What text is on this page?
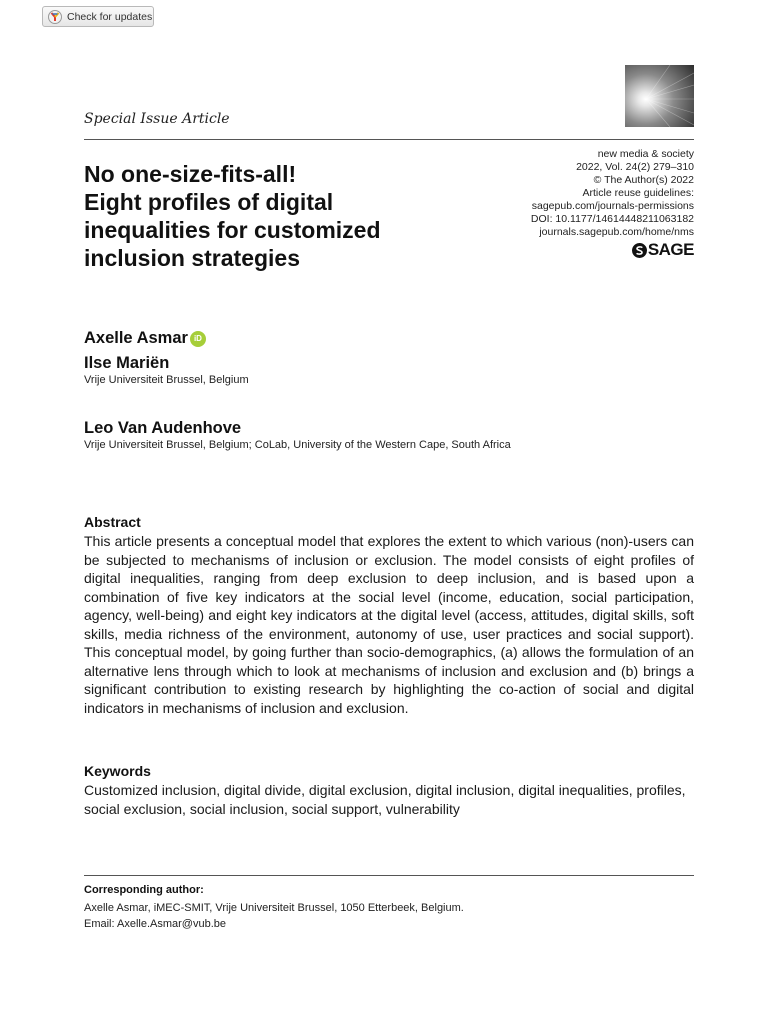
Check for updates
Special Issue Article
No one-size-fits-all!
Eight profiles of digital
inequalities for customized
inclusion strategies
new media & society
2022, Vol. 24(2) 279–310
© The Author(s) 2022
Article reuse guidelines:
sagepub.com/journals-permissions
DOI: 10.1177/14614448211063182
journals.sagepub.com/home/nms
SAGE
Axelle Asmar iD
Ilse Mariën
Vrije Universiteit Brussel, Belgium
Leo Van Audenhove
Vrije Universiteit Brussel, Belgium; CoLab, University of the Western Cape, South Africa
Abstract

This article presents a conceptual model that explores the extent to which various (non)-users can be subjected to mechanisms of inclusion or exclusion. The model consists of eight profiles of digital inequalities, ranging from deep exclusion to deep inclusion, and is based upon a combination of five key indicators at the social level (income, education, social participation, agency, well-being) and eight key indicators at the digital level (access, attitudes, digital skills, soft skills, media richness of the environment, autonomy of use, user practices and social support). This conceptual model, by going further than socio-demographics, (a) allows the formulation of an alternative lens through which to look at mechanisms of inclusion and exclusion and (b) brings a significant contribution to existing research by highlighting the co-action of social and digital indicators in mechanisms of inclusion and exclusion.

Keywords

Customized inclusion, digital divide, digital exclusion, digital inclusion, digital inequalities, profiles, social exclusion, social inclusion, social support, vulnerability

Corresponding author:
Axelle Asmar, iMEC-SMIT, Vrije Universiteit Brussel, 1050 Etterbeek, Belgium.
Email: Axelle.Asmar@vub.be
